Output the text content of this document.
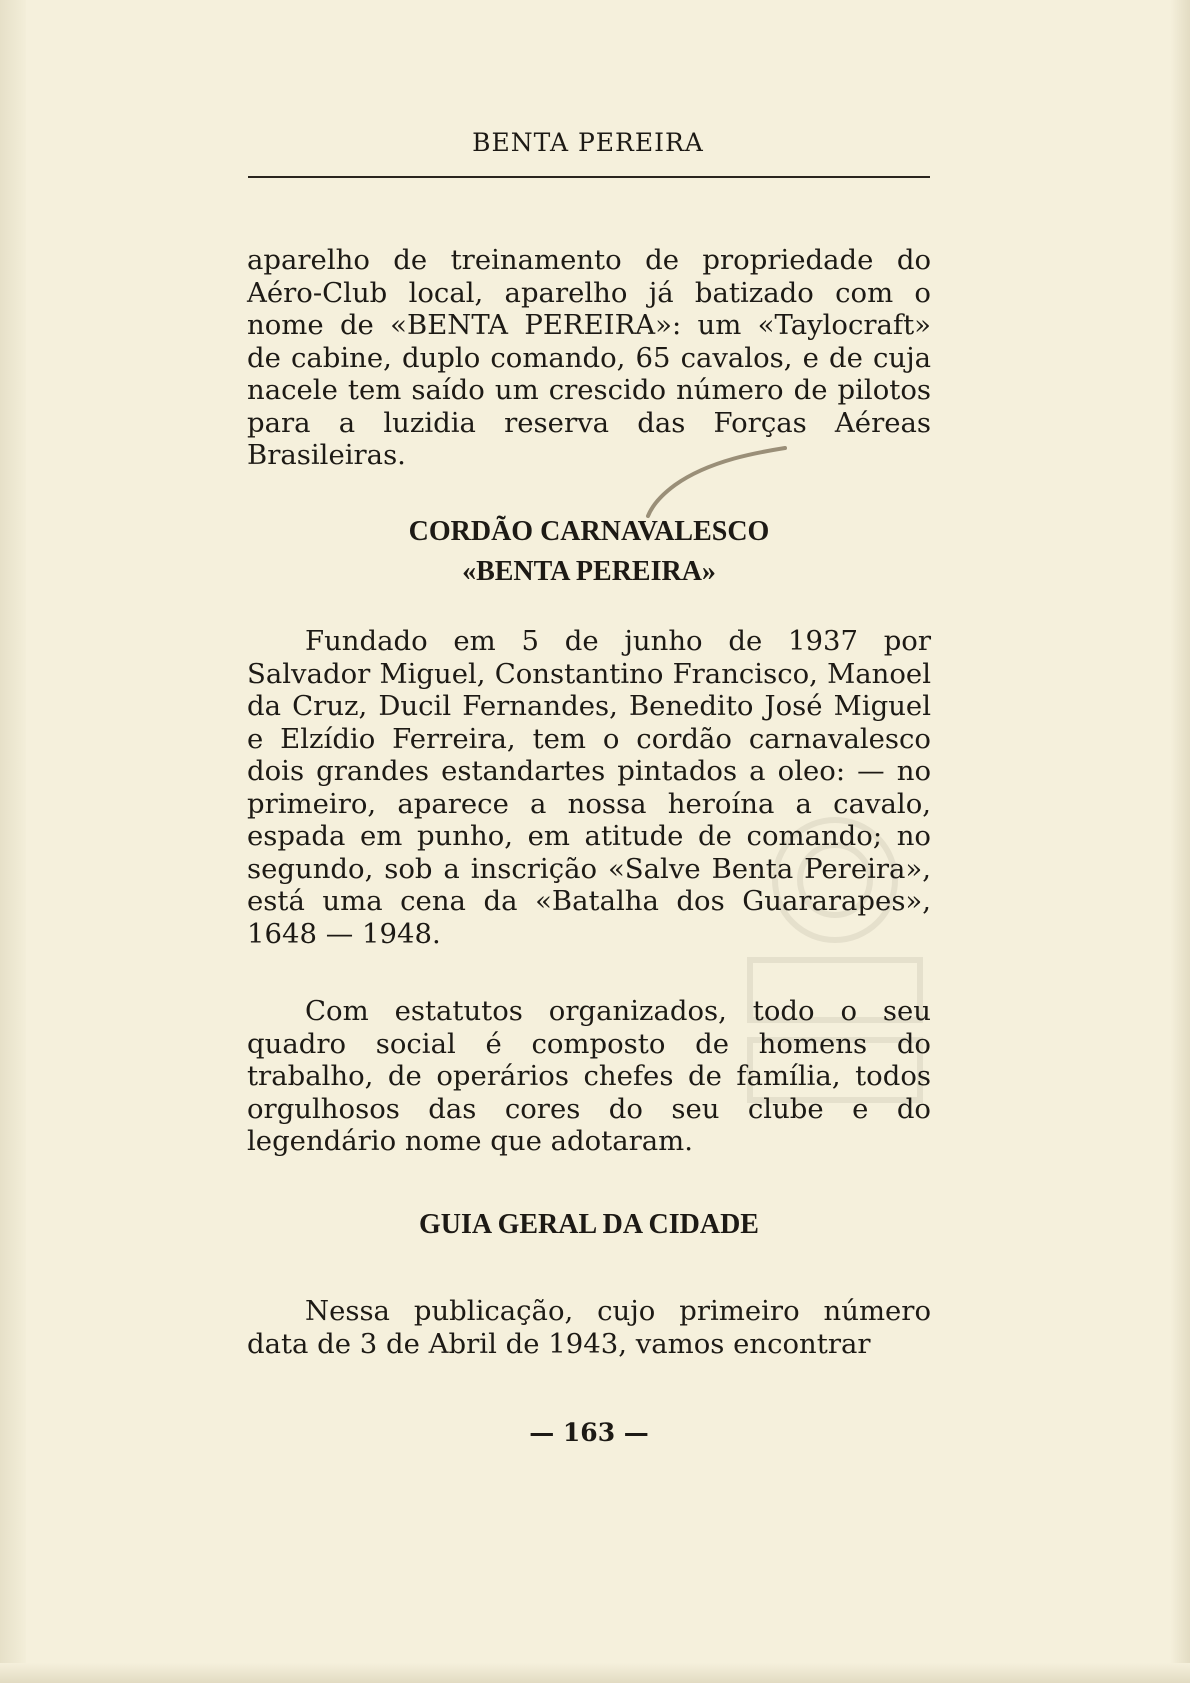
BENTA PEREIRA

aparelho de treinamento de propriedade do Aéro-Club local, aparelho já batizado com o nome de «BENTA PEREIRA»: um «Taylocraft» de cabine, duplo comando, 65 cavalos, e de cuja nacele tem saído um crescido número de pilotos para a luzidia reserva das Forças Aéreas Brasileiras.

CORDÃO CARNAVALESCO
«BENTA PEREIRA»

Fundado em 5 de junho de 1937 por Salvador Miguel, Constantino Francisco, Manoel da Cruz, Ducil Fernandes, Benedito José Miguel e Elzídio Ferreira, tem o cordão carnavalesco dois grandes estandartes pintados a oleo: — no primeiro, aparece a nossa heroína a cavalo, espada em punho, em atitude de comando; no segundo, sob a inscrição «Salve Benta Pereira», está uma cena da «Batalha dos Guararapes», 1648 — 1948.

Com estatutos organizados, todo o seu quadro social é composto de homens do trabalho, de operários chefes de família, todos orgulhosos das cores do seu clube e do legendário nome que adotaram.

GUIA GERAL DA CIDADE

Nessa publicação, cujo primeiro número data de 3 de Abril de 1943, vamos encontrar

— 163 —
